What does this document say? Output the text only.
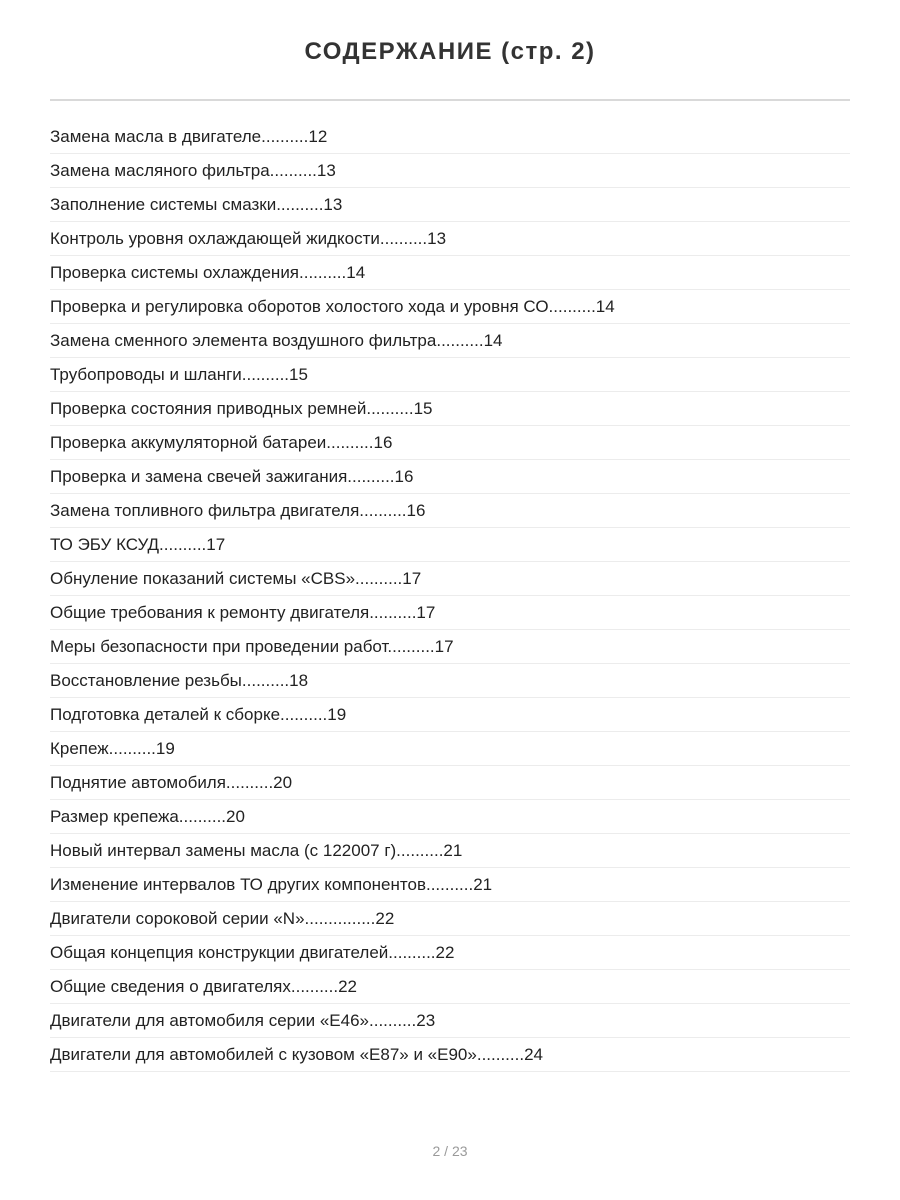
СОДЕРЖАНИЕ (стр. 2)
Замена масла в двигателе..........12
Замена масляного фильтра..........13
Заполнение системы смазки..........13
Контроль уровня охлаждающей жидкости..........13
Проверка системы охлаждения..........14
Проверка и регулировка оборотов холостого хода и уровня СО..........14
Замена сменного элемента воздушного фильтра..........14
Трубопроводы и шланги..........15
Проверка состояния приводных ремней..........15
Проверка аккумуляторной батареи..........16
Проверка и замена свечей зажигания..........16
Замена топливного фильтра двигателя..........16
ТО ЭБУ КСУД..........17
Обнуление показаний системы «CBS»..........17
Общие требования к ремонту двигателя..........17
Меры безопасности при проведении работ..........17
Восстановление резьбы..........18
Подготовка деталей к сборке..........19
Крепеж..........19
Поднятие автомобиля..........20
Размер крепежа..........20
Новый интервал замены масла (с 122007 г)..........21
Изменение интервалов ТО других компонентов..........21
Двигатели сороковой серии «N»...............22
Общая концепция конструкции двигателей..........22
Общие сведения о двигателях..........22
Двигатели для автомобиля серии «E46»..........23
Двигатели для автомобилей с кузовом «E87» и «E90»..........24
2 / 23
